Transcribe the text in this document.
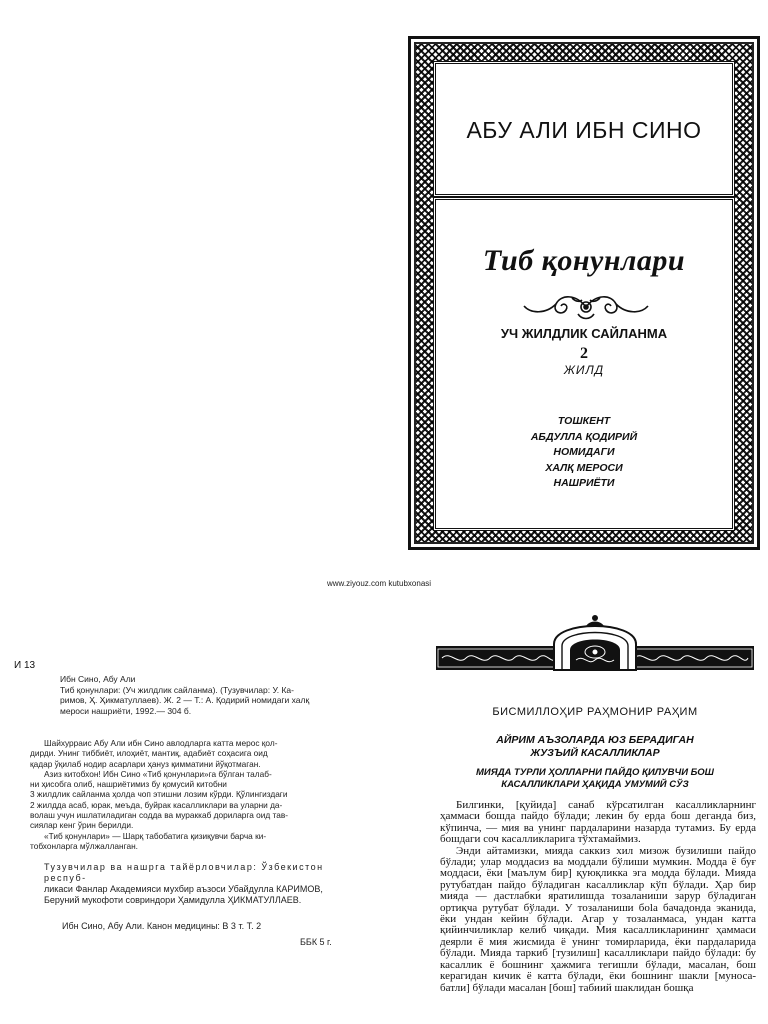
АБУ АЛИ ИБН СИНО
Тиб қонунлари
УЧ ЖИЛДЛИК САЙЛАНМА
2
ЖИЛД
ТОШКЕНТ
АБДУЛЛА ҚОДИРИЙ
НОМИДАГИ
ХАЛҚ МЕРОСИ
НАШРИЁТИ
www.ziyouz.com kutubxonasi
И 13

Ибн Сино, Абу Али

Тиб қонунлари: (Уч жилдлик сайланма). (Тузувчилар: У. Ка-

римов, Ҳ. Ҳикматуллаев). Ж. 2 — Т.: А. Қодирий номидаги халқ

мероси нашриёти, 1992.— 304 б.

Шайхуррaис Абу Али ибн Сино авлодларга катта мерос қол-

дирди. Унинг тиббиёт, илоҳиёт, мантиқ, адабиёт соҳасига оид

қадар ўқилаб нодир асарлари ҳануз қимматини йўқотмаган.

Азиз китобхон! Ибн Сино «Тиб қонунлари»га бўлган талаб-

ни ҳисобга олиб, нашриётимиз бу қомусий китобни

3 жилдлик сайланма ҳолда чоп этишни лозим кўрди. Қўлингиздаги

2 жилдда асаб, юрак, меъда, буйрак касалликлари ва уларни да-

волаш учун ишлатиладиган содда ва мураккаб дориларга оид тав-

сиялар кенг ўрин берилди.

«Тиб қонунлари» — Шарқ табобатига қизиқувчи барча ки-

тобхонларга мўлжалланган.

Тузувчилар ва нашрга тайёрловчилар: Ўзбекистон респуб-

ликаси Фанлар Академияси мухбир аъзоси Убайдулла КАРИМОВ,

Беруний мукофоти совриндори Ҳамидулла ҲИКМАТУЛЛАЕВ.

Ибн Сино, Абу Али. Канон медицины: В 3 т. Т. 2
ББК 5 г.
БИСМИЛЛОҲИР РАҲМОНИР РАҲИМ
АЙРИМ АЪЗОЛАРДА ЮЗ БЕРАДИГАН
ЖУЗЪИЙ КАСАЛЛИКЛАР
МИЯДА ТУРЛИ ҲОЛЛАРНИ ПАЙДО ҚИЛУВЧИ БОШ
КАСАЛЛИКЛАРИ ҲАҚИДА УМУМИЙ СЎЗ

Билгинки, [қуйида] санаб кўрсатилган касалликларнинг ҳаммаси бошда пайдо бўлади; лекин бу ерда бош деганда биз, кўпинча, — мия ва унинг пардаларини назарда тутамиз. Бу ерда бошдаги соч касалликларига тўхтамаймиз.

Энди айтамизки, мияда саккиз хил мизож бузилиши пайдо бўлади; улар моддасиз ва моддали бўлиши мумкин. Модда ё буғ моддаси, ёки [маълум бир] қуюқликка эга модда бўлади. Мияда рутубатдан пайдо бўладиган касалликлар кўп бўлади. Ҳар бир мияда — дастлабки яратилишда тозаланиши зарур бўладиган ортиқча рутубат бўлади. У тозаланиши боla бачадонда эканида, ёки ундан кейин бўлади. Агар у тозаланмаса, ундан катта қийинчиликлар келиб чиқади. Мия касалликларининг ҳаммаси деярли ё мия жисмида ё унинг томирларида, ёки пардаларида бўлади. Мияда таркиб [тузилиш] касалликлари пайдо бўлади: бу касаллик ё бошнинг ҳажмига тегишли бўлади, масалан, бош керагидан кичик ё катта бўлади, ёки бошнинг шакли [муносaбатли] бўлади масалан [бош] табиий шаклидан бошқа
